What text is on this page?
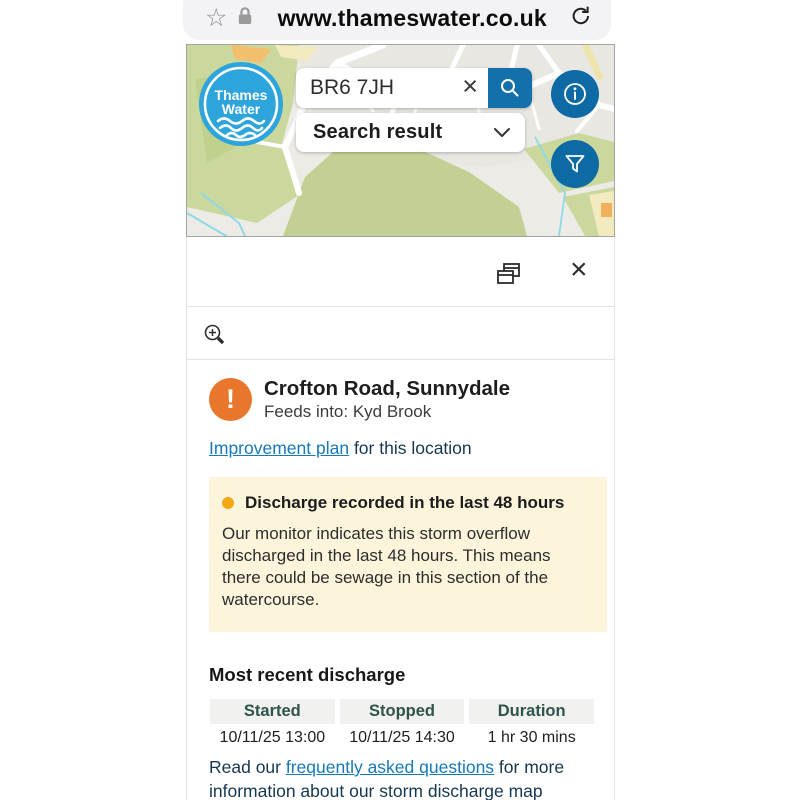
☆	www.thameswater.co.uk
Thames
Water
BR6 7JH
×
Search result
×
! Crofton Road, Sunnydale
Feeds into: Kyd Brook
Improvement plan for this location
Discharge recorded in the last 48 hours
Our monitor indicates this storm overflow discharged in the last 48 hours. This means there could be sewage in this section of the watercourse.
Most recent discharge
Started	Stopped	Duration
10/11/25 13:00	10/11/25 14:30	1 hr 30 mins
Read our frequently asked questions for more information about our storm discharge map
